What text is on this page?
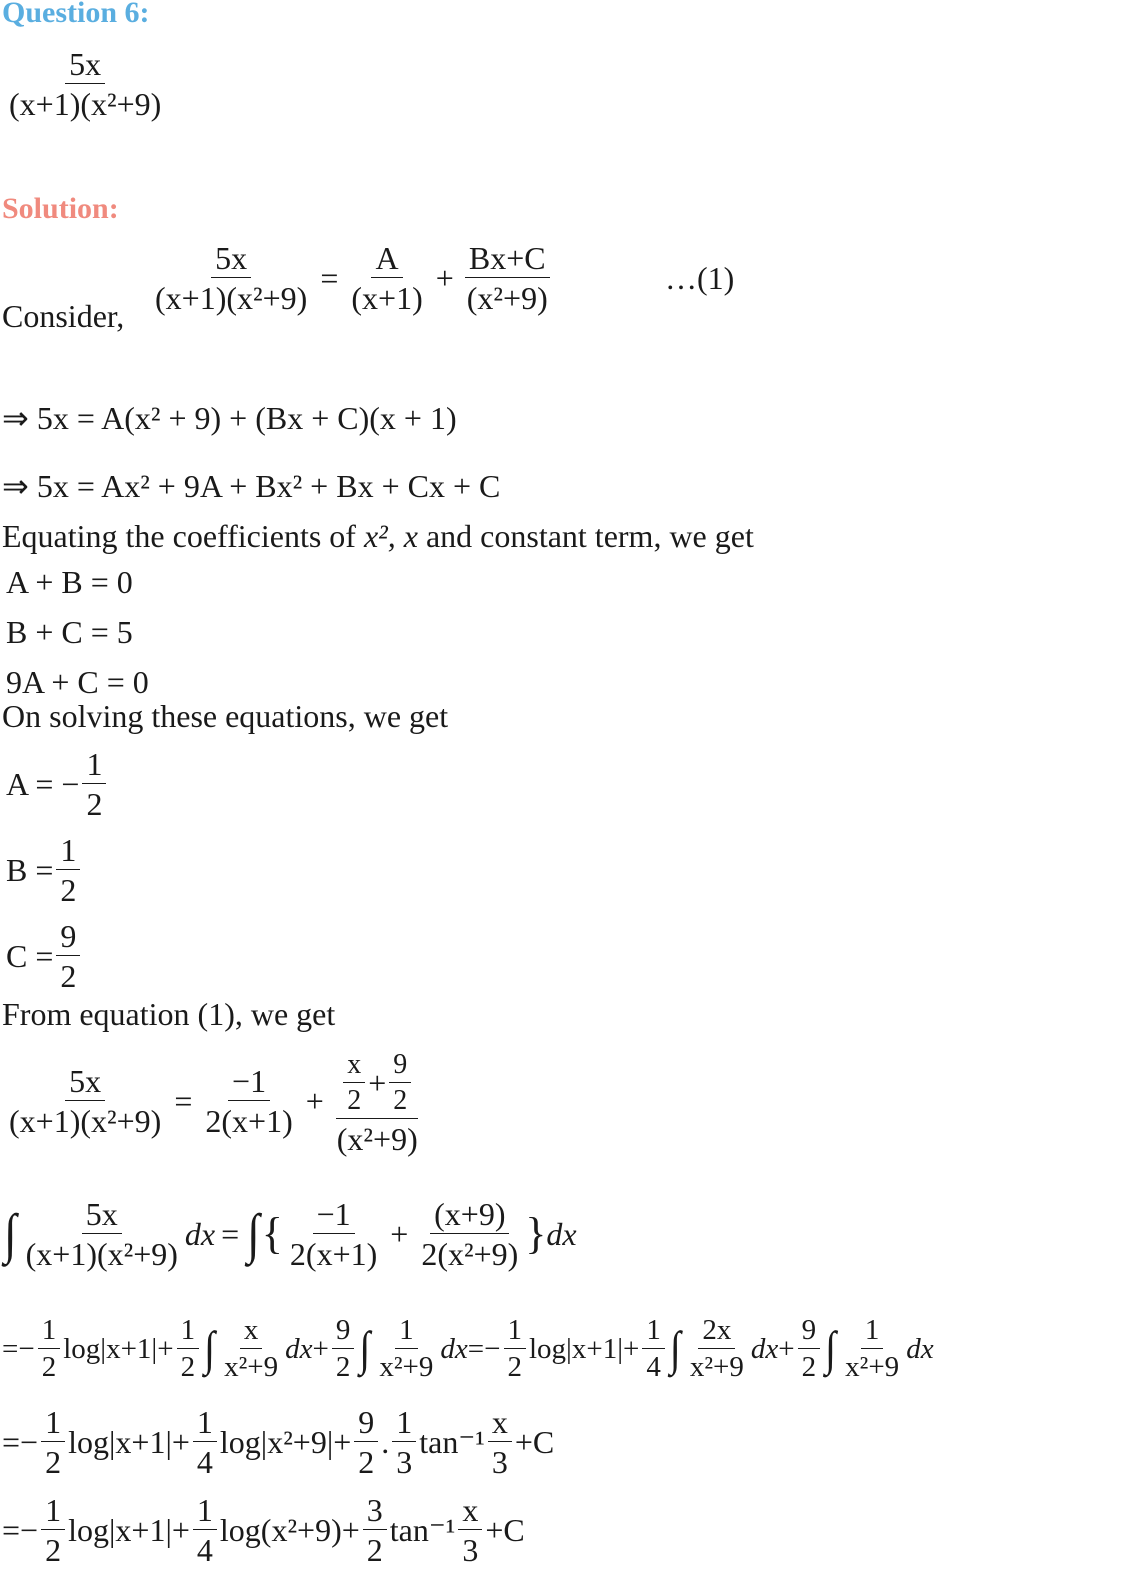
Question 6:
$\frac{5x}{\text{(x+1)(x²+9)}}$
Solution:
Consider,
$\frac{5x}{\text{(x+1)(x²+9)}} = \frac{A}{(x+1)} + \frac{Bx+C}{\text{(x²+9)}}$	…(1)
⇒ 5x = A(x² + 9) + (Bx + C)(x + 1)
⇒ 5x = Ax² + 9A + Bx² + Bx + Cx + C
Equating the coefficients of x², x and constant term, we get
A + B = 0
B + C = 5
9A + C = 0
On solving these equations, we get
A = − $\frac{1}{2}$
$B = \frac{1}{2}$
$C = \frac{9}{2}$
From equation (1), we get
$\frac{5x}{\text{(x+1)(x²+9)}} = \frac{-1}{2(x+1)} + \frac{x}{2} + \frac{9}{2}$
(x²+9)
∫ $\frac{5x}{\text{(x+1)(x²+9)}}$ dx = ∫ { $\frac{-1}{2(x+1)} + \frac{(x+9)}{\text{2(x²+9)}}$ } dx
=− $\frac{1}{2} \log|x+1| + \frac{1}{2}$ ∫ $\frac{x}{\text{x²+9}}$ dx + $\frac{9}{2}$ ∫ $\frac{1}{\text{x²+9}}$ dx =− $\frac{1}{2} \log|x+1| + \frac{1}{4}$ ∫ $\frac{2x}{\text{x²+9}}$ dx + $\frac{9}{2}$ ∫ $\frac{1}{\text{x²+9}}$ dx
=− $\frac{1}{2} \log|x+1| + \frac{1}{4} \log|x^2+9| + \frac{9}{2}$ . $\frac{1}{3} \tan^{-1} \frac{x}{3} +C$
=− $\frac{1}{2} \log|x+1| + \frac{1}{4} \log(x^2+9) + \frac{3}{2} \tan^{-1} \frac{x}{3} +C$
